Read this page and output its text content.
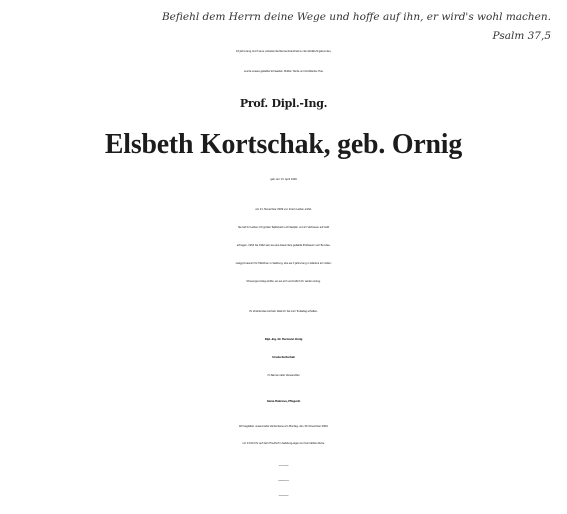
Befiehl dem Herrn deine Wege und hoffe auf ihn, er wird's wohl machen.
Psalm 37,5
43 Jahre lang durch eine unbekannte Nervenkrankheit an den Rollstuhl gebunden,
wurde unsere geliebte Schwester, Mutter, Tante und Großtante, Frau
Prof. Dipl.-Ing.
Elsbeth Kortschak, geb. Ornig
geb. am 13. April 1926
am 21. November 2009 von ihrem Leiden erlöst.
Sie hat ihr Leiden mit großer Tapferkeit und Disziplin und im Vertrauen auf Gott
ertragen. 1952 bis 1962 war sie eine besonders geliebte Professorin am Bundes-
realgymnasium für Mädchen in Salzburg, ehe sie 3 Jahre lang in Istanbul am österr.
St.Georgs-Colleg wirkte, wo sie sich vermutlich ihr Leiden zuzog.
Ihr strahlendes Lächeln blieb ihr bis zum Todestag erhalten.
Dipl.-Ing. Dr. Hermann Ornig
Ursula Kortschak
im Namen aller Verwandten
Alena Halmova, Pflegerin
Wir begleiten unsere liebe Verstorbene am Montag, den 30. November 2009,
um 13.00 Uhr auf dem Friedhof in Salzburg-Aigen zu ihrer letzten Ruhe.
